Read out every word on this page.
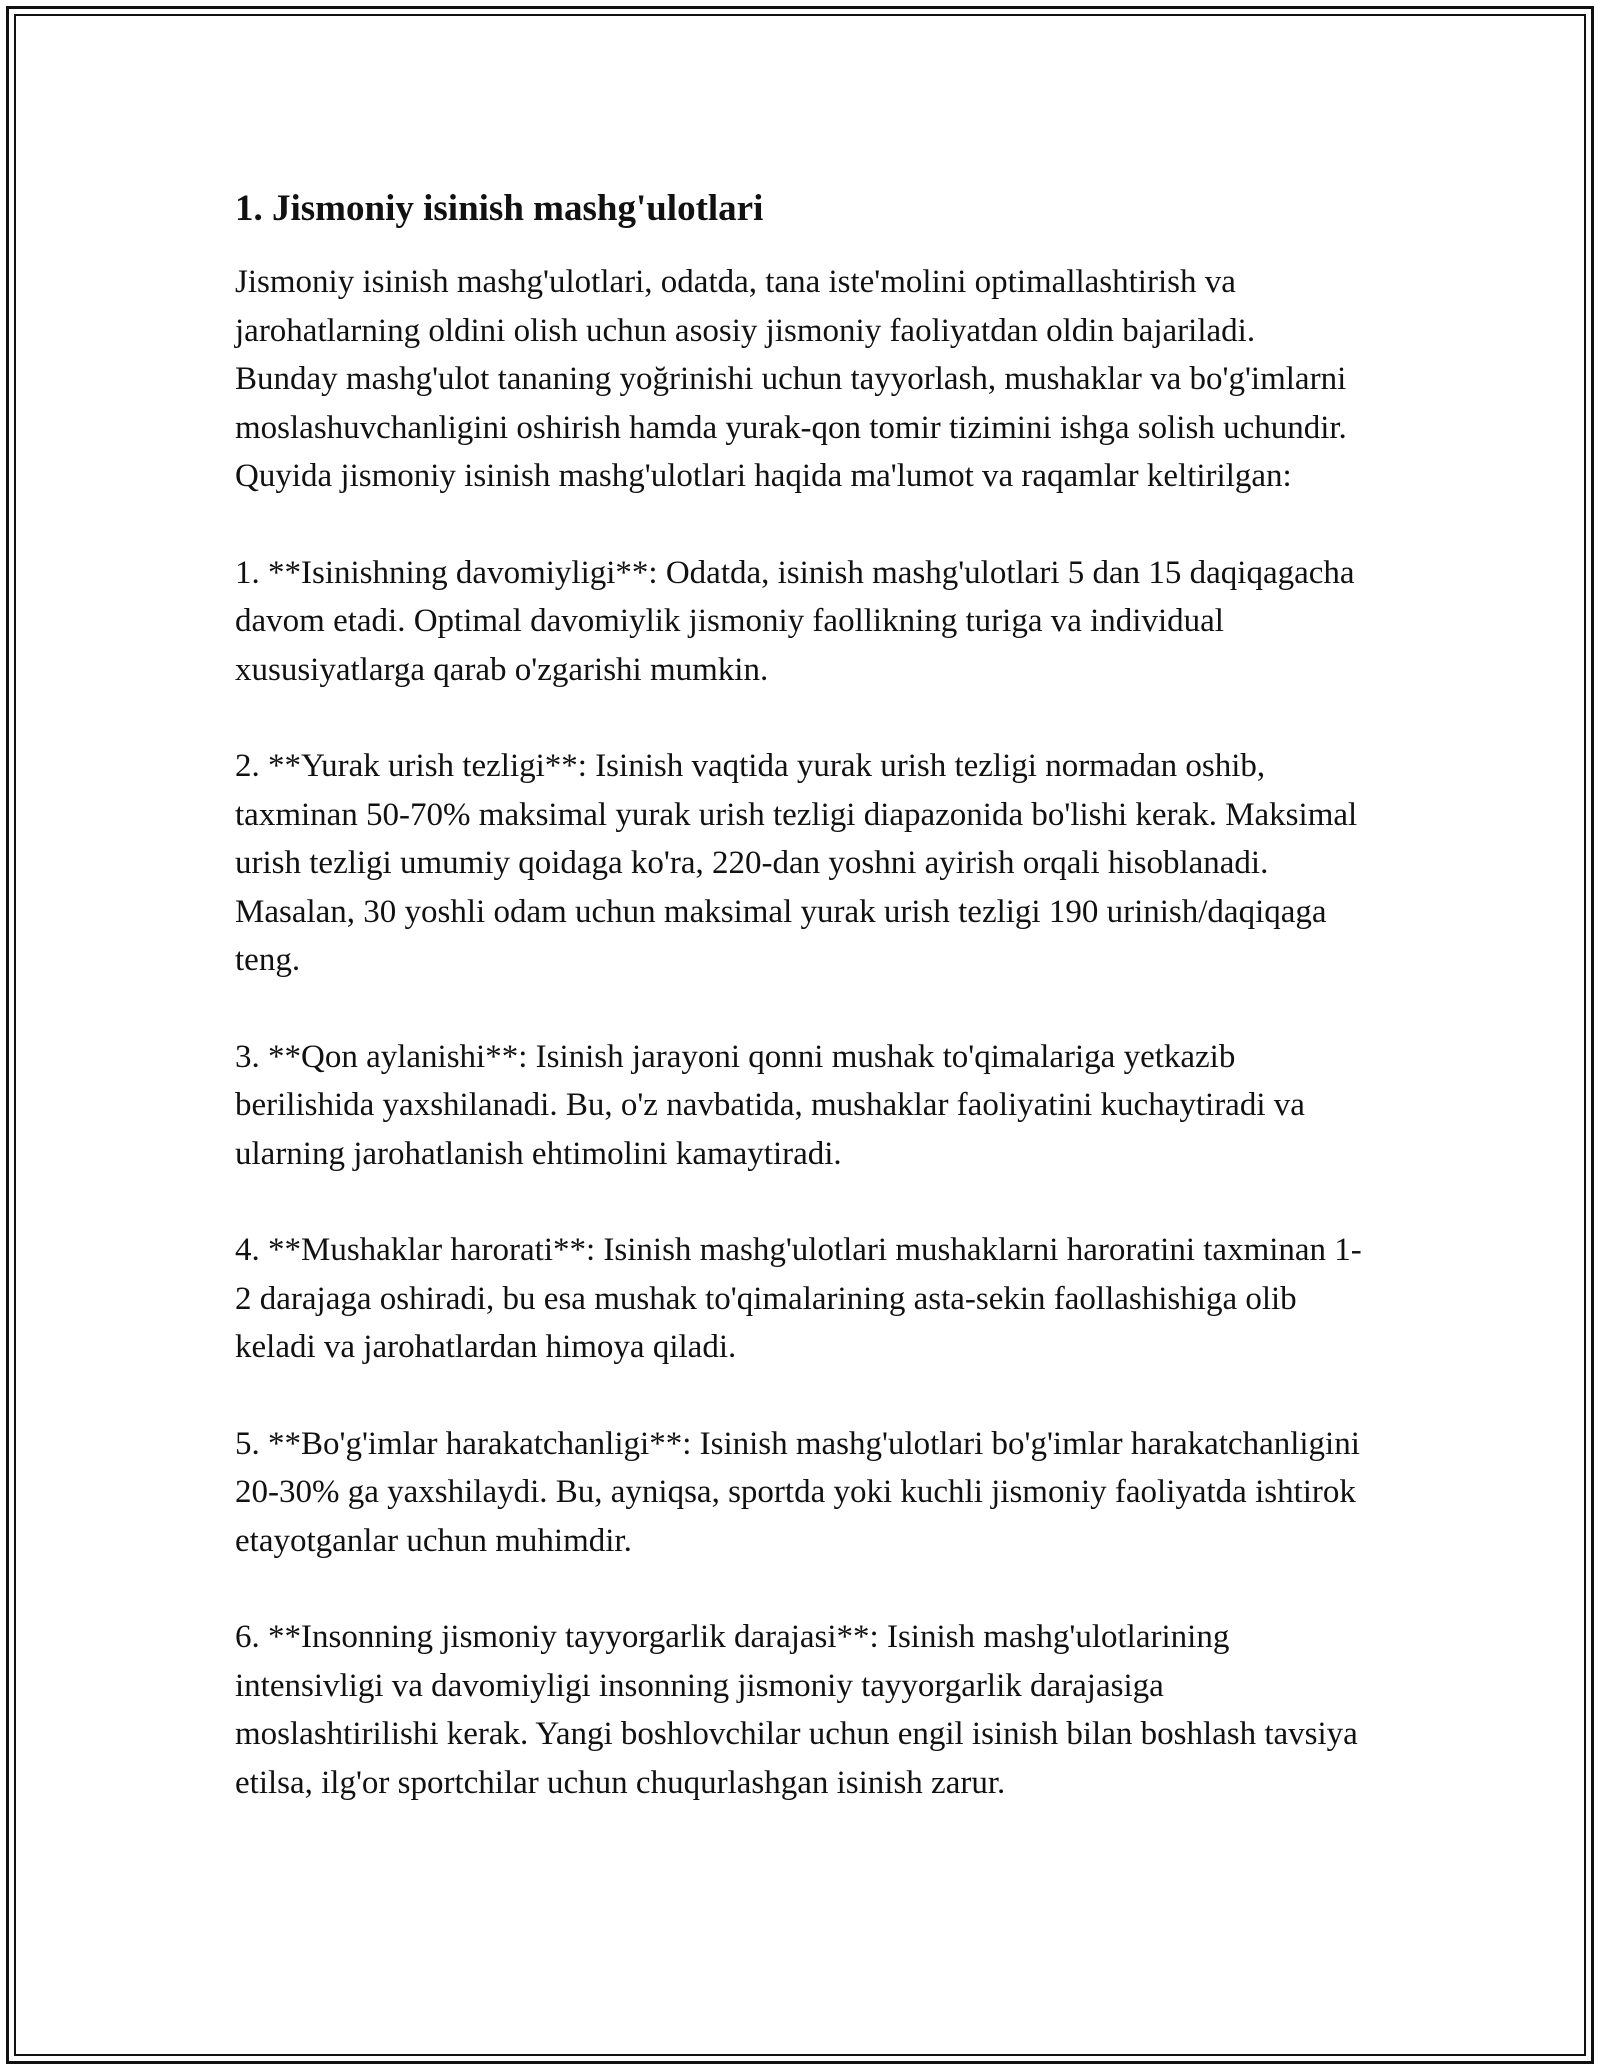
1. Jismoniy isinish mashg'ulotlari

Jismoniy isinish mashg'ulotlari, odatda, tana iste'molini optimallashtirish va jarohatlarning oldini olish uchun asosiy jismoniy faoliyatdan oldin bajariladi. Bunday mashg'ulot tananing yoğrinishi uchun tayyorlash, mushaklar va bo'g'imlarni moslashuvchanligini oshirish hamda yurak-qon tomir tizimini ishga solish uchundir. Quyida jismoniy isinish mashg'ulotlari haqida ma'lumot va raqamlar keltirilgan:

1. **Isinishning davomiyligi**: Odatda, isinish mashg'ulotlari 5 dan 15 daqiqagacha davom etadi. Optimal davomiylik jismoniy faollikning turiga va individual xususiyatlarga qarab o'zgarishi mumkin.

2. **Yurak urish tezligi**: Isinish vaqtida yurak urish tezligi normadan oshib, taxminan 50-70% maksimal yurak urish tezligi diapazonida bo'lishi kerak. Maksimal urish tezligi umumiy qoidaga ko'ra, 220-dan yoshni ayirish orqali hisoblanadi. Masalan, 30 yoshli odam uchun maksimal yurak urish tezligi 190 urinish/daqiqaga teng.

3. **Qon aylanishi**: Isinish jarayoni qonni mushak to'qimalariga yetkazib berilishida yaxshilanadi. Bu, o'z navbatida, mushaklar faoliyatini kuchaytiradi va ularning jarohatlanish ehtimolini kamaytiradi.

4. **Mushaklar harorati**: Isinish mashg'ulotlari mushaklarni haroratini taxminan 1-2 darajaga oshiradi, bu esa mushak to'qimalarining asta-sekin faollashishiga olib keladi va jarohatlardan himoya qiladi.

5. **Bo'g'imlar harakatchanligi**: Isinish mashg'ulotlari bo'g'imlar harakatchanligini 20-30% ga yaxshilaydi. Bu, ayniqsa, sportda yoki kuchli jismoniy faoliyatda ishtirok etayotganlar uchun muhimdir.

6. **Insonning jismoniy tayyorgarlik darajasi**: Isinish mashg'ulotlarining intensivligi va davomiyligi insonning jismoniy tayyorgarlik darajasiga moslashtirilishi kerak. Yangi boshlovchilar uchun engil isinish bilan boshlash tavsiya etilsa, ilg'or sportchilar uchun chuqurlashgan isinish zarur.
